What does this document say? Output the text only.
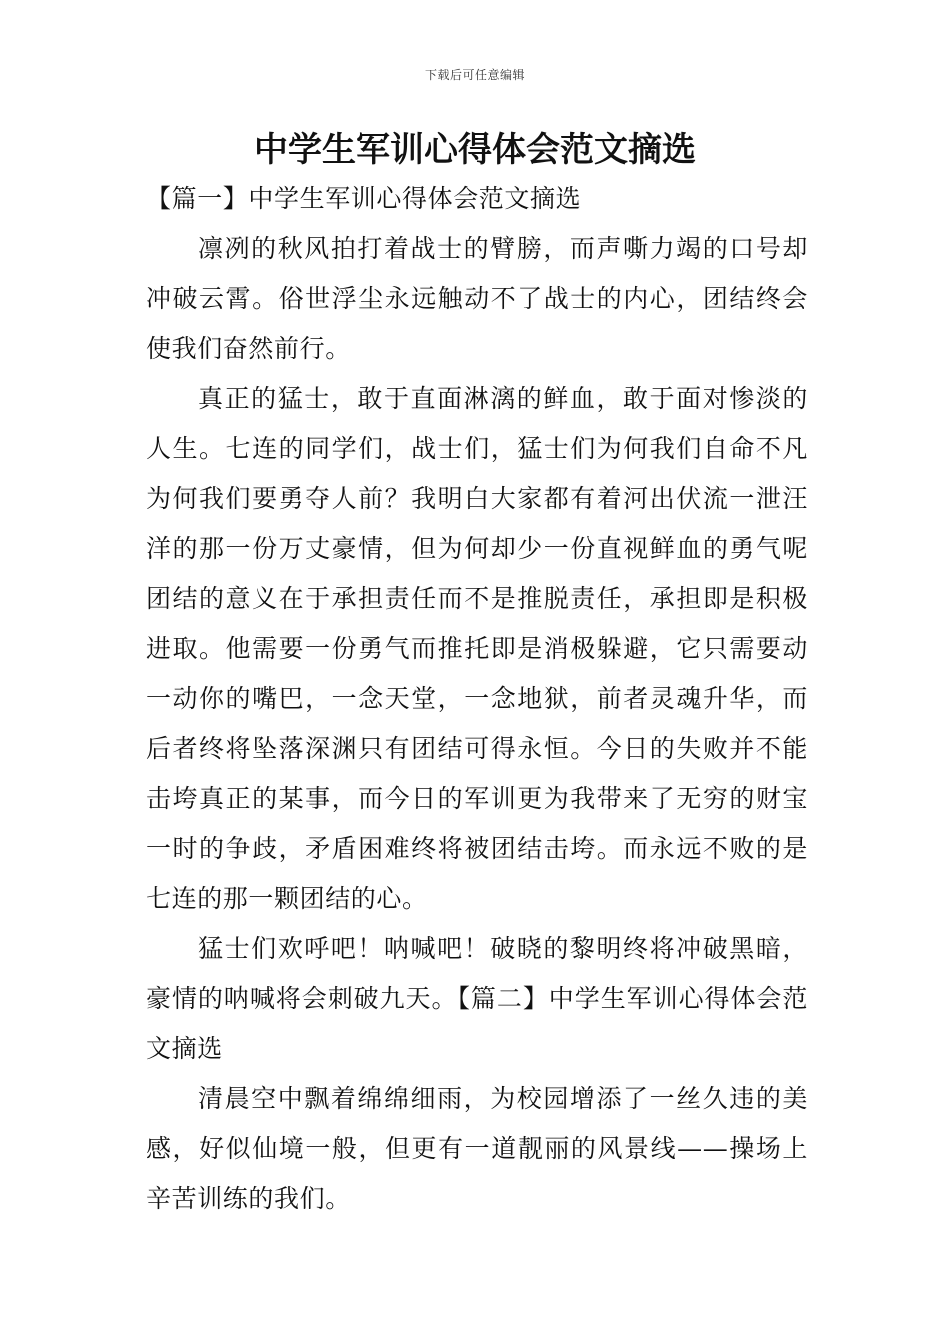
下载后可任意编辑
中学生军训心得体会范文摘选

【篇一】中学生军训心得体会范文摘选

凛冽的秋风拍打着战士的臂膀，而声嘶力竭的口号却冲破云霄。俗世浮尘永远触动不了战士的内心，团结终会使我们奋然前行。

真正的猛士，敢于直面淋漓的鲜血，敢于面对惨淡的人生。七连的同学们，战士们，猛士们为何我们自命不凡为何我们要勇夺人前？我明白大家都有着河出伏流一泄汪洋的那一份万丈豪情，但为何却少一份直视鲜血的勇气呢团结的意义在于承担责任而不是推脱责任，承担即是积极进取。他需要一份勇气而推托即是消极躲避，它只需要动一动你的嘴巴，一念天堂，一念地狱，前者灵魂升华，而后者终将坠落深渊只有团结可得永恒。今日的失败并不能击垮真正的某事，而今日的军训更为我带来了无穷的财宝一时的争歧，矛盾困难终将被团结击垮。而永远不败的是七连的那一颗团结的心。

猛士们欢呼吧！呐喊吧！破晓的黎明终将冲破黑暗，豪情的呐喊将会刺破九天。【篇二】中学生军训心得体会范文摘选

清晨空中飘着绵绵细雨，为校园增添了一丝久违的美感，好似仙境一般，但更有一道靓丽的风景线——操场上辛苦训练的我们。
